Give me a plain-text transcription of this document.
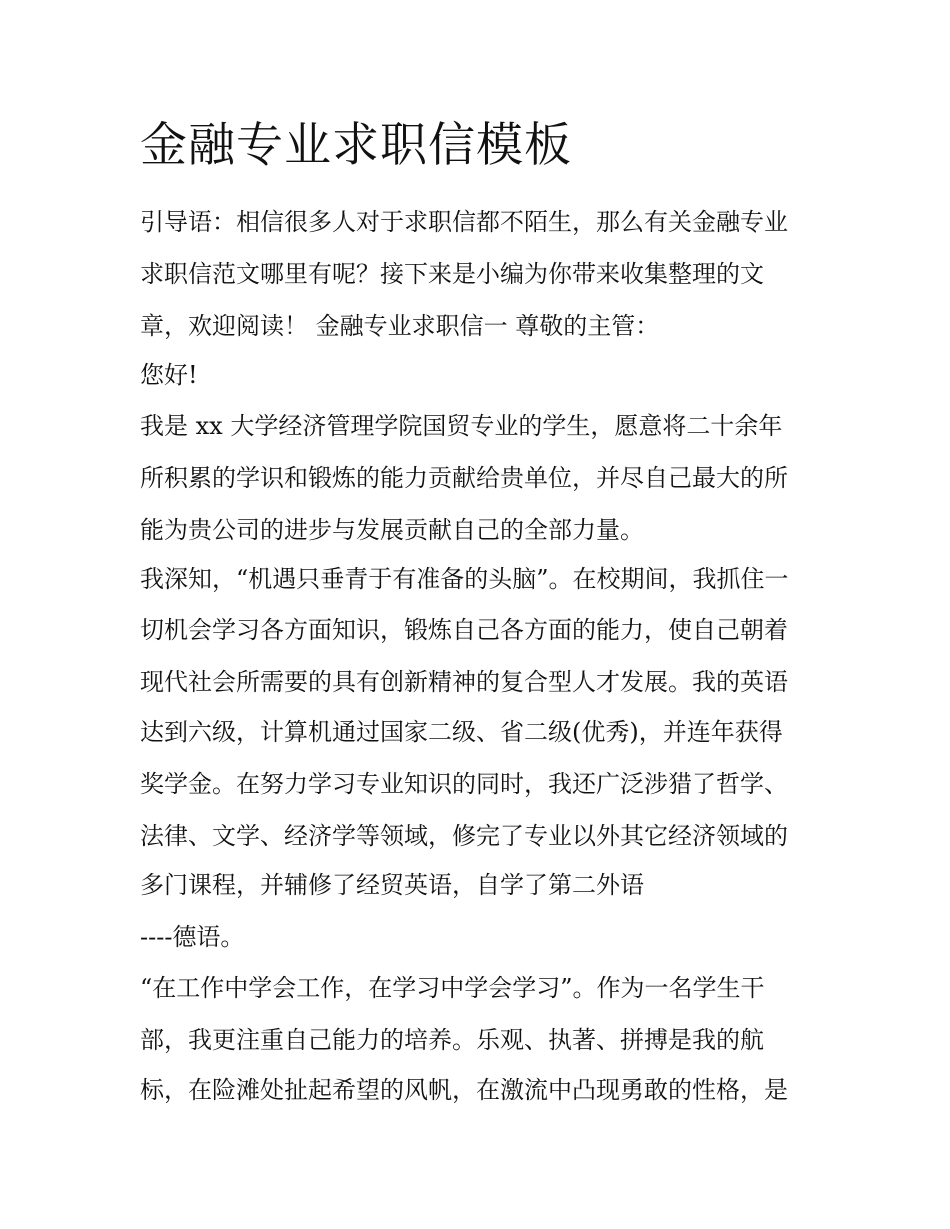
金融专业求职信模板

引导语：相信很多人对于求职信都不陌生，那么有关金融专业

求职信范文哪里有呢？接下来是小编为你带来收集整理的文

章，欢迎阅读！ 金融专业求职信一 尊敬的主管：

您好!

我是 xx 大学经济管理学院国贸专业的学生，愿意将二十余年

所积累的学识和锻炼的能力贡献给贵单位，并尽自己最大的所

能为贵公司的进步与发展贡献自己的全部力量。

我深知，“机遇只垂青于有准备的头脑”。在校期间，我抓住一

切机会学习各方面知识，锻炼自己各方面的能力，使自己朝着

现代社会所需要的具有创新精神的复合型人才发展。我的英语

达到六级，计算机通过国家二级、省二级(优秀)，并连年获得

奖学金。在努力学习专业知识的同时，我还广泛涉猎了哲学、

法律、文学、经济学等领域，修完了专业以外其它经济领域的

多门课程，并辅修了经贸英语，自学了第二外语

----德语。

“在工作中学会工作，在学习中学会学习”。作为一名学生干

部，我更注重自己能力的培养。乐观、执著、拼搏是我的航

标，在险滩处扯起希望的风帆，在激流中凸现勇敢的性格，是
